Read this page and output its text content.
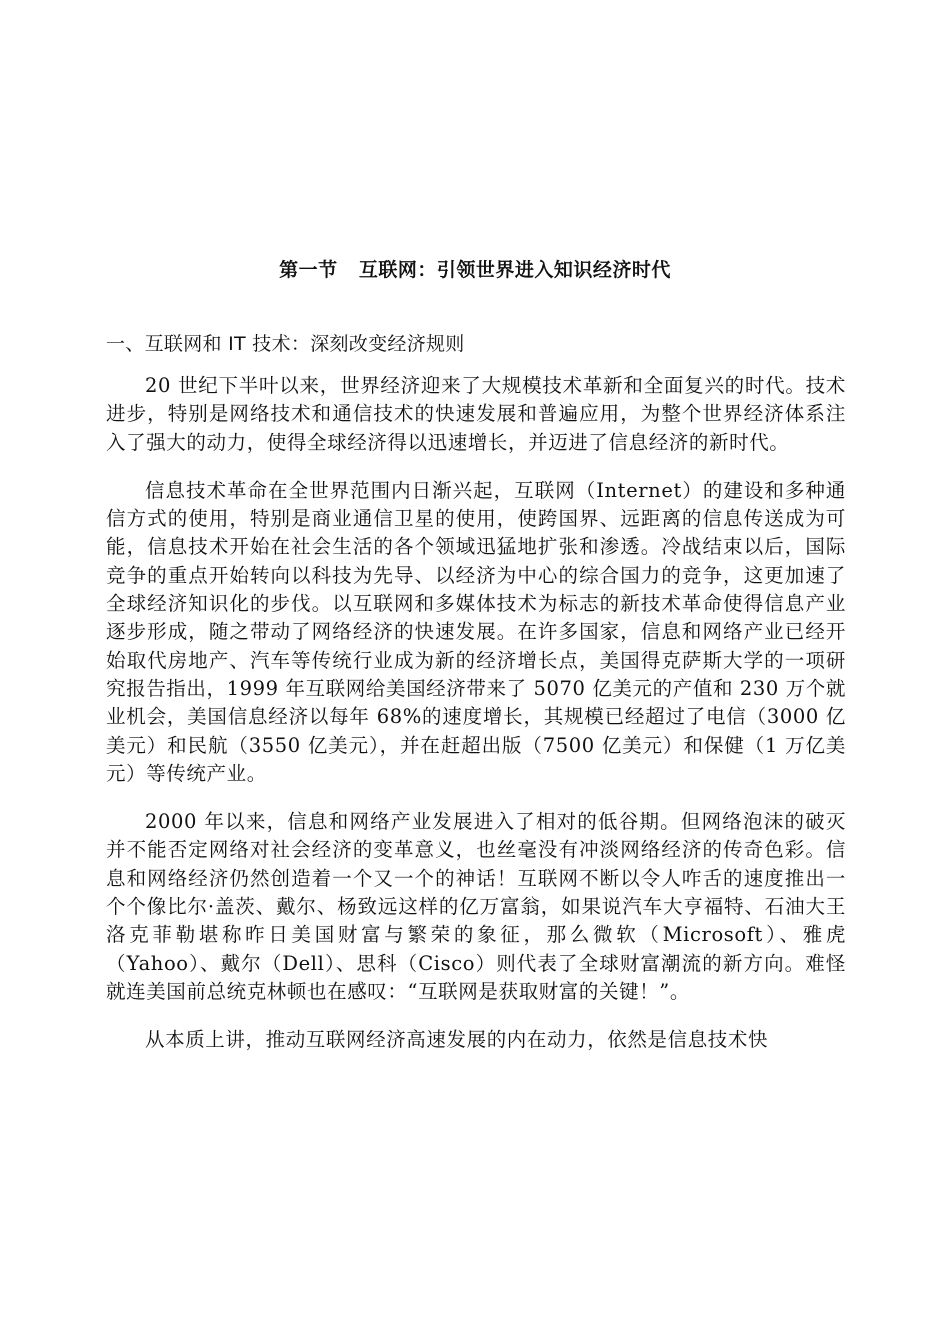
第一节   互联网：引领世界进入知识经济时代
一、互联网和 IT 技术：深刻改变经济规则

20 世纪下半叶以来，世界经济迎来了大规模技术革新和全面复兴的时代。技术进步，特别是网络技术和通信技术的快速发展和普遍应用，为整个世界经济体系注入了强大的动力，使得全球经济得以迅速增长，并迈进了信息经济的新时代。

信息技术革命在全世界范围内日渐兴起，互联网（Internet）的建设和多种通信方式的使用，特别是商业通信卫星的使用，使跨国界、远距离的信息传送成为可能，信息技术开始在社会生活的各个领域迅猛地扩张和渗透。冷战结束以后，国际竞争的重点开始转向以科技为先导、以经济为中心的综合国力的竞争，这更加速了全球经济知识化的步伐。以互联网和多媒体技术为标志的新技术革命使得信息产业逐步形成，随之带动了网络经济的快速发展。在许多国家，信息和网络产业已经开始取代房地产、汽车等传统行业成为新的经济增长点，美国得克萨斯大学的一项研究报告指出，1999 年互联网给美国经济带来了 5070 亿美元的产值和 230 万个就业机会，美国信息经济以每年 68%的速度增长，其规模已经超过了电信（3000 亿美元）和民航（3550 亿美元），并在赶超出版（7500 亿美元）和保健（1 万亿美元）等传统产业。

2000 年以来，信息和网络产业发展进入了相对的低谷期。但网络泡沫的破灭并不能否定网络对社会经济的变革意义，也丝毫没有冲淡网络经济的传奇色彩。信息和网络经济仍然创造着一个又一个的神话！互联网不断以令人咋舌的速度推出一个个像比尔·盖茨、戴尔、杨致远这样的亿万富翁，如果说汽车大亨福特、石油大王洛克菲勒堪称昨日美国财富与繁荣的象征，那么微软（Microsoft）、雅虎（Yahoo）、戴尔（Dell）、思科（Cisco）则代表了全球财富潮流的新方向。难怪就连美国前总统克林顿也在感叹：“互联网是获取财富的关键！”。

从本质上讲，推动互联网经济高速发展的内在动力，依然是信息技术快
